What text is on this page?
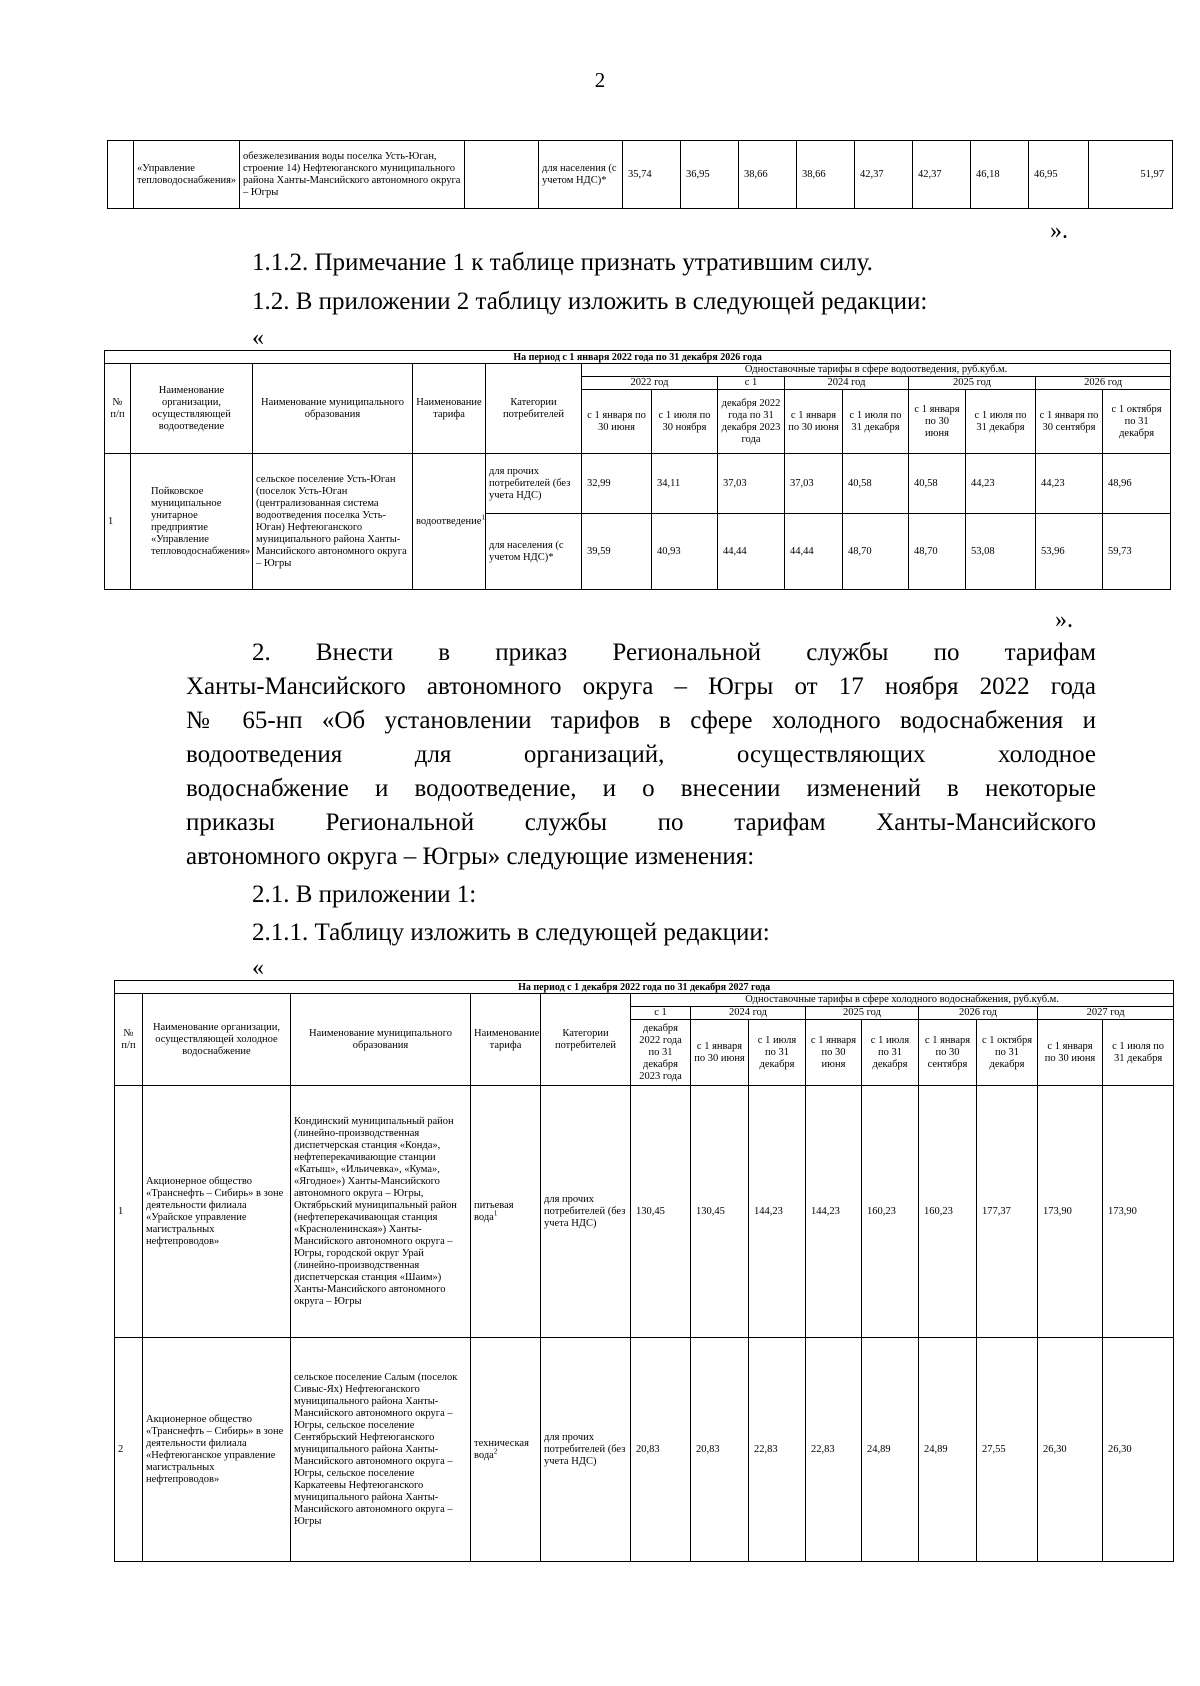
2
	«Управление тепловодоснабжения»	обезжелезивания воды поселка Усть-Юган, строение 14) Нефтеюганского муниципального района Ханты-Мансийского автономного округа – Югры		для населения (с учетом НДС)*	35,74	36,95	38,66	38,66	42,37	42,37	46,18	46,95	51,97
».
1.1.2. Примечание 1 к таблице признать утратившим силу.
1.2. В приложении 2 таблицу изложить в следующей редакции:
«
На период с 1 января 2022 года по 31 декабря 2026 года													
№ п/п	Наименование организации, осуществляющей водоотведение	Наименование муниципального образования	Наименование тарифа	Категории потребителей	Одноставочные тарифы в сфере водоотведения, руб.куб.м.								
					2022 год		с 1	2024 год		2025 год		2026 год	
					с 1 января по 30 июня	с 1 июля по 30 ноября	декабря 2022 года по 31 декабря 2023 года	с 1 января по 30 июня	с 1 июля по 31 декабря	с 1 января по 30 июня	с 1 июля по 31 декабря	с 1 января по 30 сентября	с 1 октября по 31 декабря
1	Пойковское муниципальное унитарное предприятие «Управление тепловодоснабжения»	сельское поселение Усть-Юган (поселок Усть-Юган (централизованная система водоотведения поселка Усть-Юган) Нефтеюганского муниципального района Ханты-Мансийского автономного округа – Югры	водоотведение$^1$	для прочих потребителей (без учета НДС)	32,99	34,11	37,03	37,03	40,58	40,58	44,23	44,23	48,96
				для населения (с учетом НДС)*	39,59	40,93	44,44	44,44	48,70	48,70	53,08	53,96	59,73
».
2. Внести в приказ Региональной службы по тарифам
Ханты-Мансийского автономного округа – Югры от 17 ноября 2022 года
№ 65-нп «Об установлении тарифов в сфере холодного водоснабжения и
водоотведения для организаций, осуществляющих холодное
водоснабжение и водоотведение, и о внесении изменений в некоторые
приказы Региональной службы по тарифам Ханты-Мансийского
автономного округа – Югры» следующие изменения:
2.1. В приложении 1:
2.1.1. Таблицу изложить в следующей редакции:
«
На период с 1 декабря 2022 года по 31 декабря 2027 года													
№ п/п	Наименование организации, осуществляющей холодное водоснабжение	Наименование муниципального образования	Наименование тарифа	Категории потребителей	Одноставочные тарифы в сфере холодного водоснабжения, руб.куб.м.								
					с 1	2024 год		2025 год		2026 год		2027 год	
					декабря 2022 года по 31 декабря 2023 года	с 1 января по 30 июня	с 1 июля по 31 декабря	с 1 января по 30 июня	с 1 июля по 31 декабря	с 1 января по 30 сентября	с 1 октября по 31 декабря	с 1 января по 30 июня	с 1 июля по 31 декабря
1	Акционерное общество «Транснефть – Сибирь» в зоне деятельности филиала «Урайское управление магистральных нефтепроводов»	Кондинский муниципальный район (линейно-производственная диспетчерская станция «Конда», нефтеперекачивающие станции «Катыш», «Ильичевка», «Кума», «Ягодное») Ханты-Мансийского автономного округа – Югры, Октябрьский муниципальный район (нефтеперекачивающая станция «Красноленинская») Ханты-Мансийского автономного округа – Югры, городской округ Урай (линейно-производственная диспетчерская станция «Шаим») Ханты-Мансийского автономного округа – Югры	питьевая вода$^1$	для прочих потребителей (без учета НДС)	130,45	130,45	144,23	144,23	160,23	160,23	177,37	173,90	173,90
2	Акционерное общество «Транснефть – Сибирь» в зоне деятельности филиала «Нефтеюганское управление магистральных нефтепроводов»	сельское поселение Салым (поселок Сивыс-Ях) Нефтеюганского муниципального района Ханты-Мансийского автономного округа – Югры, сельское поселение Сентябрьский Нефтеюганского муниципального района Ханты-Мансийского автономного округа – Югры, сельское поселение Каркатеевы Нефтеюганского муниципального района Ханты-Мансийского автономного округа – Югры	техническая вода$^2$	для прочих потребителей (без учета НДС)	20,83	20,83	22,83	22,83	24,89	24,89	27,55	26,30	26,30
